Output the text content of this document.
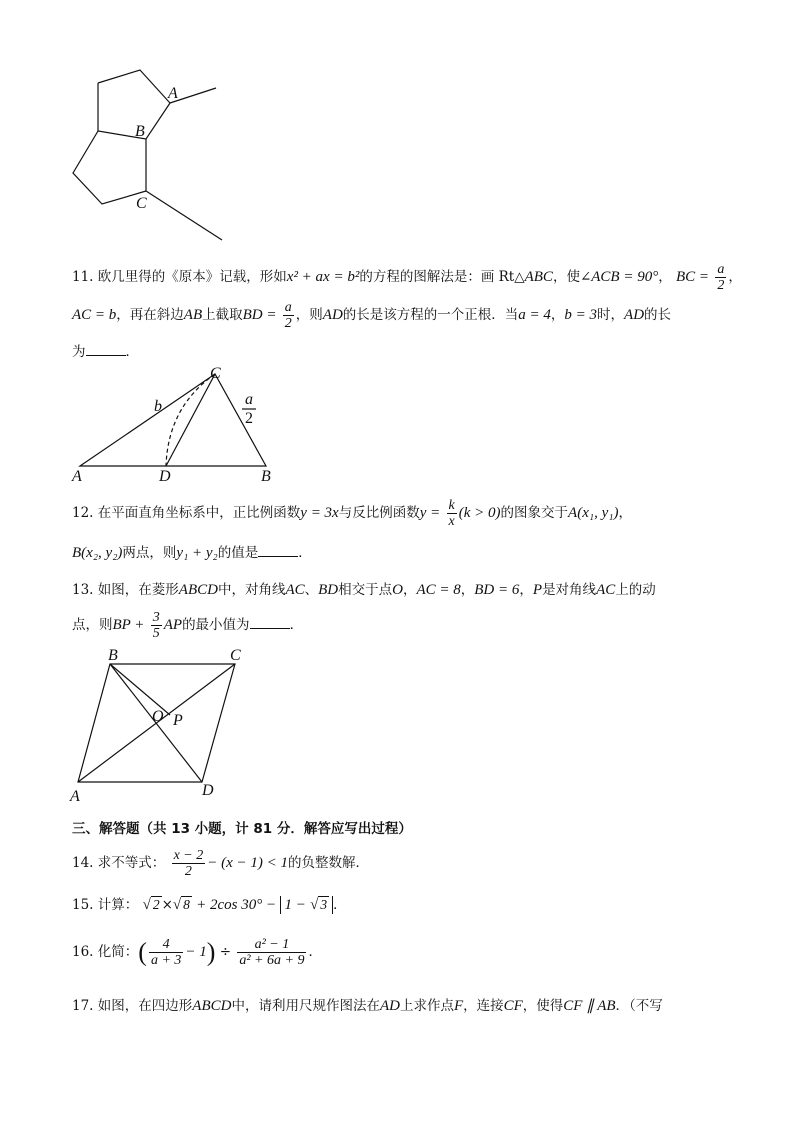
A
B
C
11. 欧几里得的《原本》记载，形如x² + ax = b²的方程的图解法是：画 Rt△ABC，使∠ACB = 90°， BC = $\frac{a}{2}$ ，
AC = b，再在斜边AB上截取BD = $\frac{a}{2}$ ，则AD的长是该方程的一个正根．当a = 4，b = 3时，AD的长
为	．
C
b	a
2
A	D	B
12. 在平面直角坐标系中，正比例函数y = 3x与反比例函数$y = \frac{k}{x} (k > 0)$的图象交于A(x₁, y₁)，
B(x₂, y₂)两点，则y₁ + y₂的值是	．
13. 如图，在菱形ABCD中，对角线AC、BD相交于点O，AC = 8，BD = 6，P是对角线AC上的动
点，则BP + $\frac{3}{5}$ AP的最小值为	．
B	C
O P
A	D
三、解答题（共 13 小题，计 81 分．解答应写出过程）
14. 求不等式： $\frac{x - 2}{2} - (x - 1) < 1$的负整数解．
15. 计算： √ 2 ×√ 8 + 2cos 30° − 1 − √ 3 ．
16. 化简：( $\frac{4}{a + 3} - 1) \div \frac{\text{a² − 1}}{\text{a² + 6a + 9}}$ ．
17. 如图，在四边形ABCD中，请利用尺规作图法在AD上求作点F，连接CF，使得CF ∥ AB．（不写
